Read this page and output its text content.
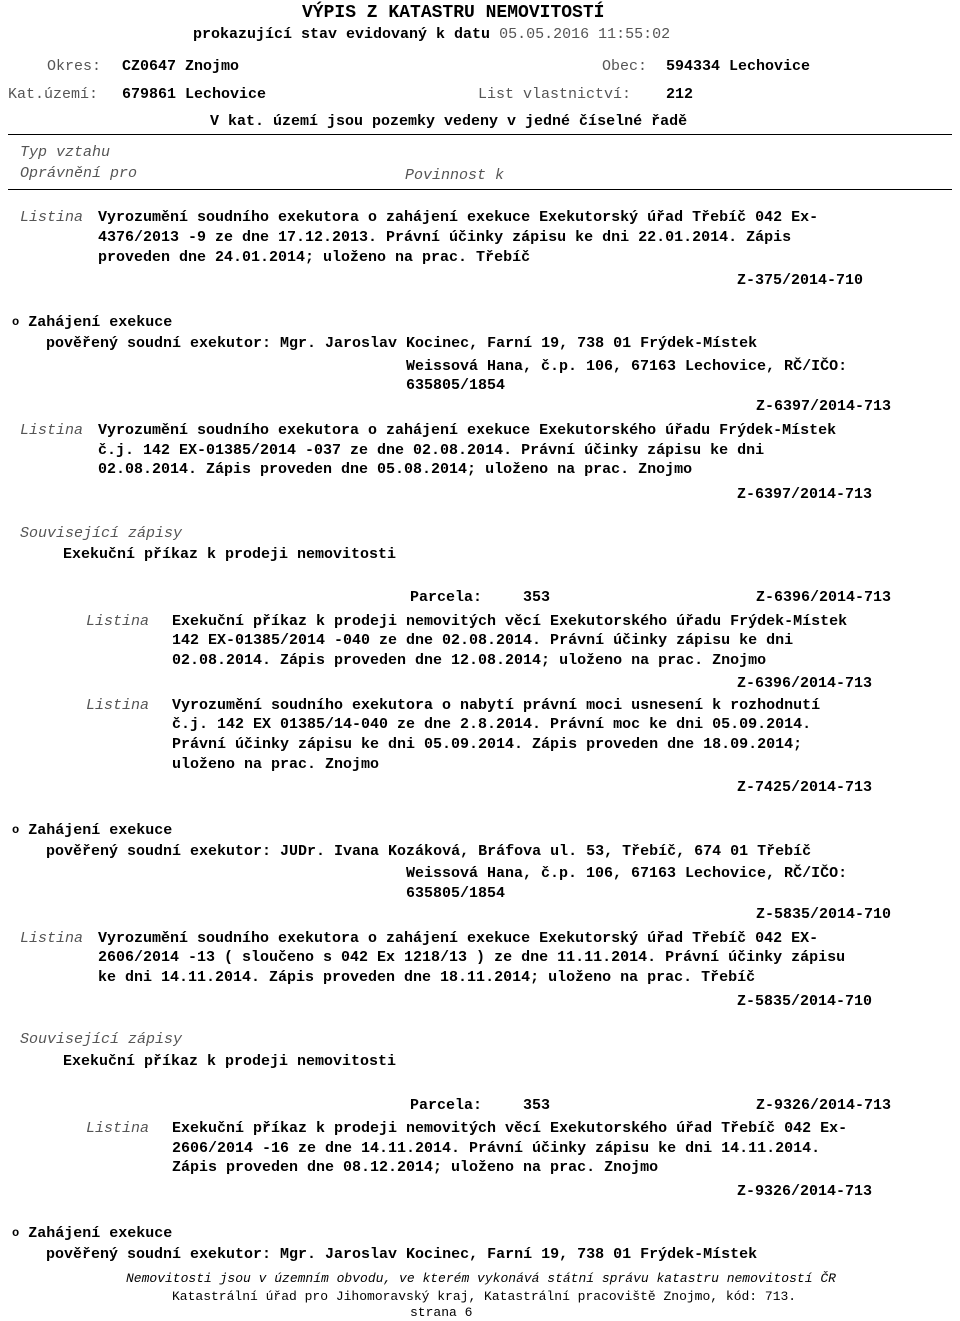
VÝPIS Z KATASTRU NEMOVITOSTÍ
prokazující stav evidovaný k datu 05.05.2016 11:55:02
Okres: CZ0647 Znojmo	Obec: 594334 Lechovice
Kat.území: 679861 Lechovice	List vlastnictví: 212
V kat. území jsou pozemky vedeny v jedné číselné řadě
Typ vztahu
Oprávnění pro	Povinnost k
Listina Vyrozumění soudního exekutora o zahájení exekuce Exekutorský úřad Třebíč 042 Ex-
4376/2013 -9 ze dne 17.12.2013. Právní účinky zápisu ke dni 22.01.2014. Zápis
proveden dne 24.01.2014; uloženo na prac. Třebíč
Z-375/2014-710
$^o$ Zahájení exekuce
pověřený soudní exekutor: Mgr. Jaroslav Kocinec, Farní 19, 738 01 Frýdek-Místek
Weissová Hana, č.p. 106, 67163 Lechovice, RČ/IČO:
635805/1854
Z-6397/2014-713
Listina Vyrozumění soudního exekutora o zahájení exekuce Exekutorského úřadu Frýdek-Místek
č.j. 142 EX-01385/2014 -037 ze dne 02.08.2014. Právní účinky zápisu ke dni
02.08.2014. Zápis proveden dne 05.08.2014; uloženo na prac. Znojmo
Z-6397/2014-713
Související zápisy
Exekuční příkaz k prodeji nemovitosti
Parcela:	353	Z-6396/2014-713
Listina Exekuční příkaz k prodeji nemovitých věcí Exekutorského úřadu Frýdek-Místek
142 EX-01385/2014 -040 ze dne 02.08.2014. Právní účinky zápisu ke dni
02.08.2014. Zápis proveden dne 12.08.2014; uloženo na prac. Znojmo
Z-6396/2014-713
Listina Vyrozumění soudního exekutora o nabytí právní moci usnesení k rozhodnutí
č.j. 142 EX 01385/14-040 ze dne 2.8.2014. Právní moc ke dni 05.09.2014.
Právní účinky zápisu ke dni 05.09.2014. Zápis proveden dne 18.09.2014;
uloženo na prac. Znojmo
Z-7425/2014-713
$^o$ Zahájení exekuce
pověřený soudní exekutor: JUDr. Ivana Kozáková, Bráfova ul. 53, Třebíč, 674 01 Třebíč
Weissová Hana, č.p. 106, 67163 Lechovice, RČ/IČO:
635805/1854
Z-5835/2014-710
Listina Vyrozumění soudního exekutora o zahájení exekuce Exekutorský úřad Třebíč 042 EX-
2606/2014 -13 ( sloučeno s 042 Ex 1218/13 ) ze dne 11.11.2014. Právní účinky zápisu
ke dni 14.11.2014. Zápis proveden dne 18.11.2014; uloženo na prac. Třebíč
Z-5835/2014-710
Související zápisy
Exekuční příkaz k prodeji nemovitosti
Parcela:	353	Z-9326/2014-713
Listina Exekuční příkaz k prodeji nemovitých věcí Exekutorského úřad Třebíč 042 Ex-
2606/2014 -16 ze dne 14.11.2014. Právní účinky zápisu ke dni 14.11.2014.
Zápis proveden dne 08.12.2014; uloženo na prac. Znojmo
Z-9326/2014-713
$^o$ Zahájení exekuce
pověřený soudní exekutor: Mgr. Jaroslav Kocinec, Farní 19, 738 01 Frýdek-Místek
Nemovitosti jsou v územním obvodu, ve kterém vykonává státní správu katastru nemovitostí ČR
Katastrální úřad pro Jihomoravský kraj, Katastrální pracoviště Znojmo, kód: 713.
strana 6
